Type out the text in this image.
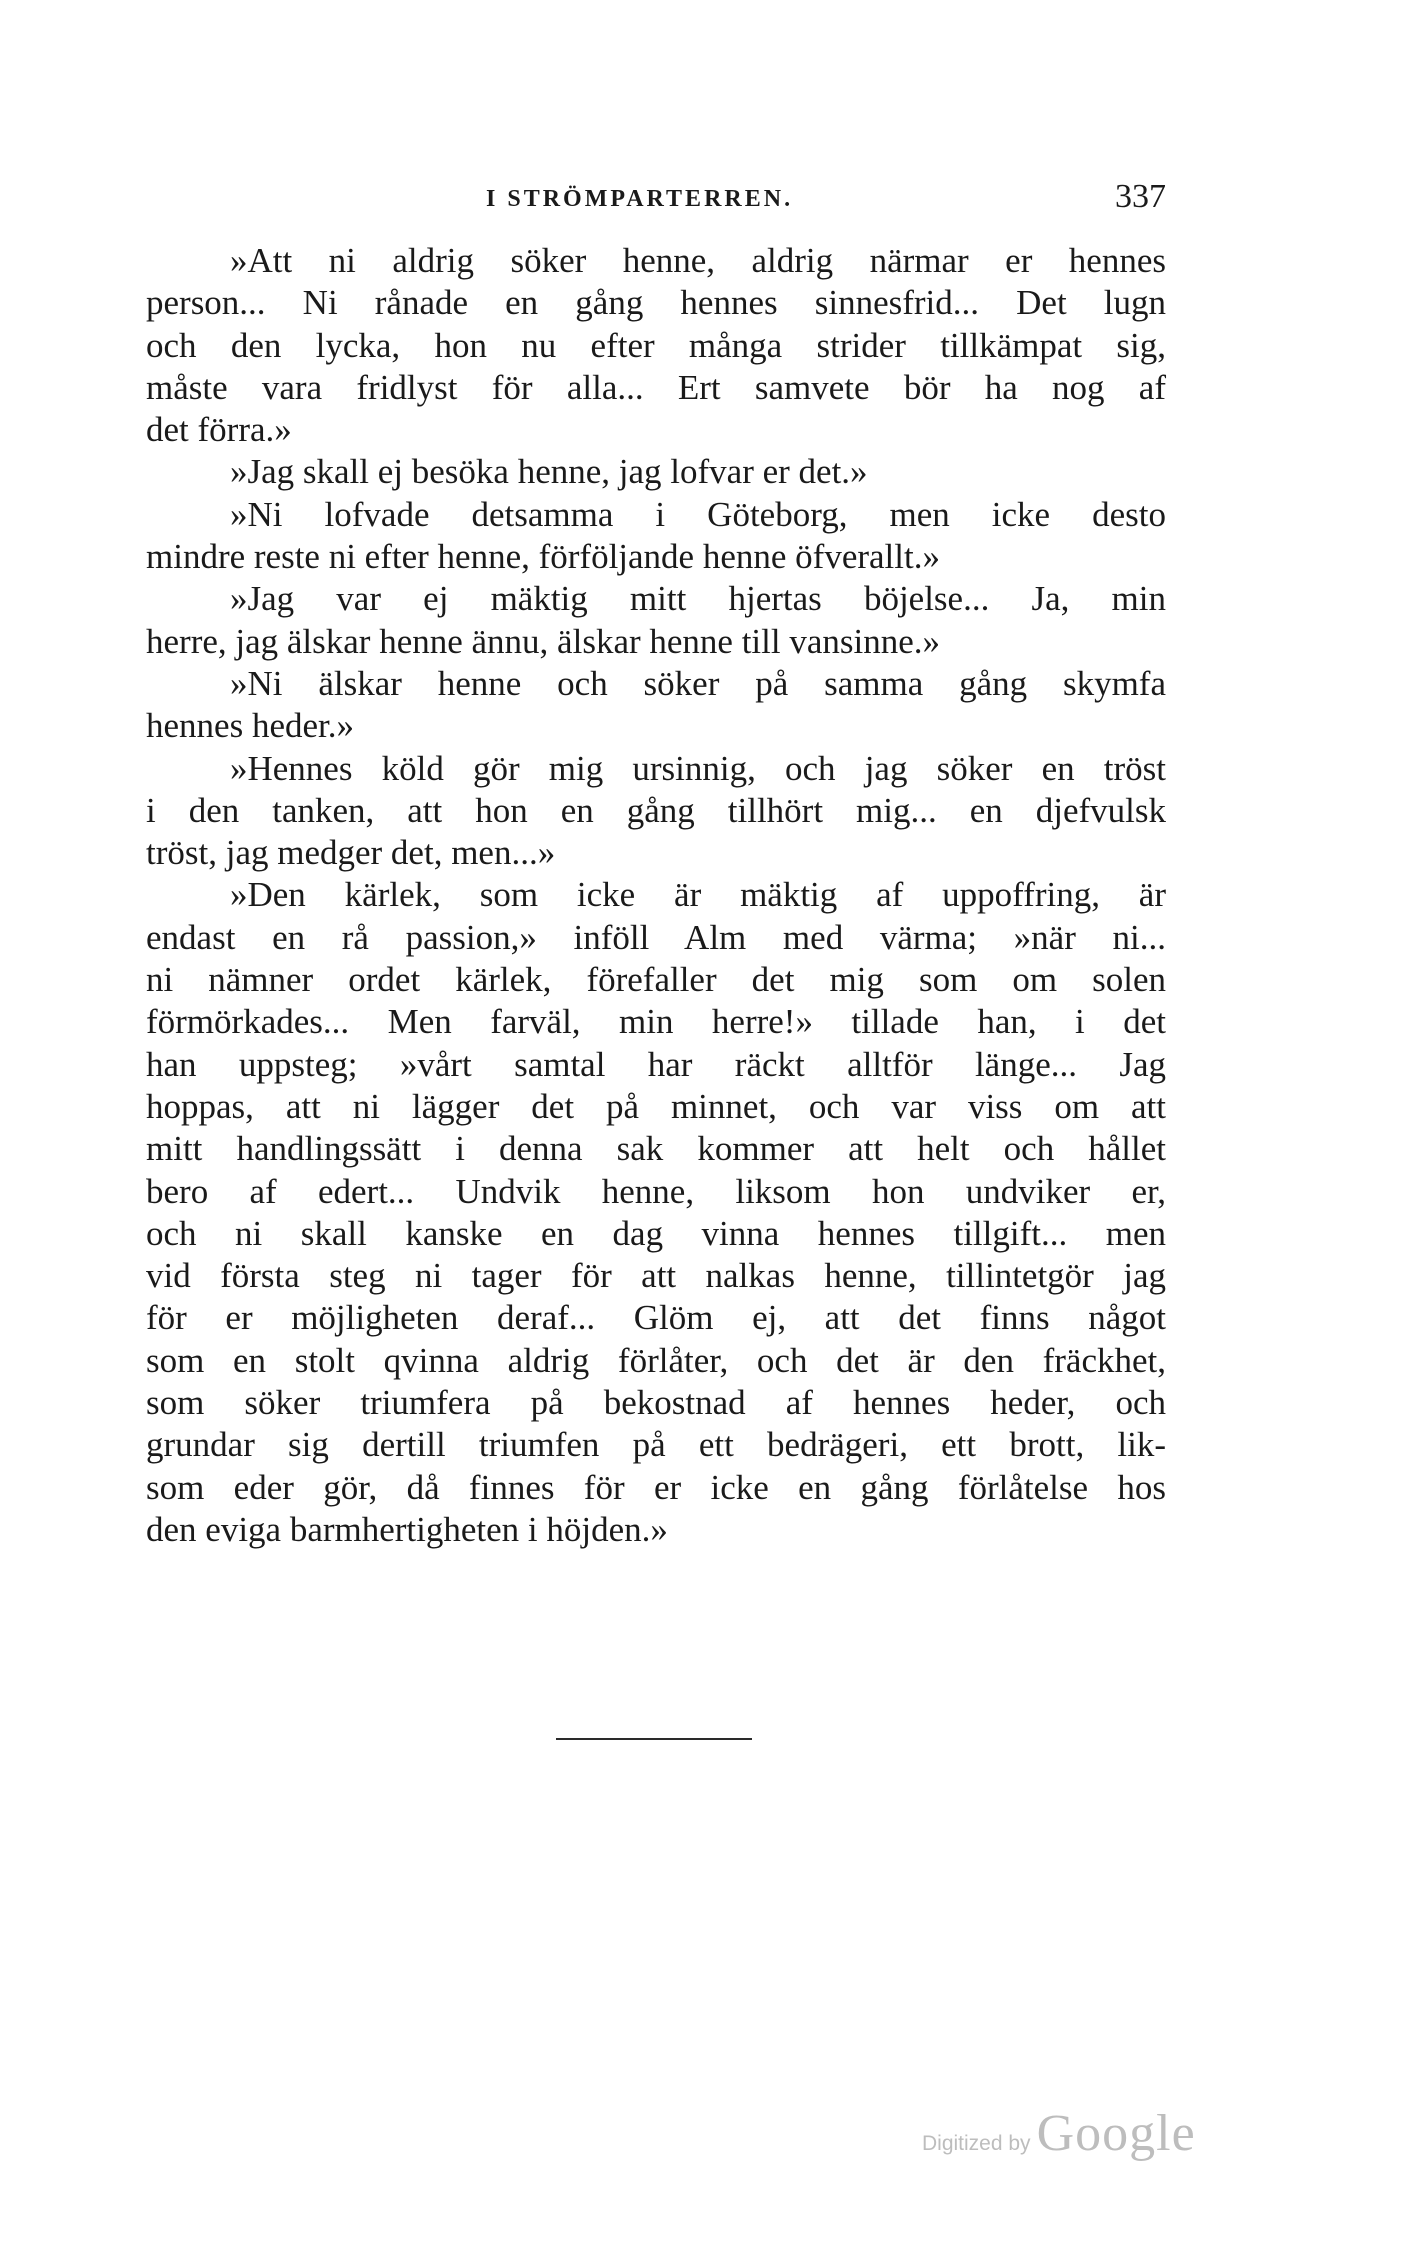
I STRÖMPARTERREN.	337
»Att ni aldrig söker henne, aldrig närmar er hennes
person... Ni rånade en gång hennes sinnesfrid... Det lugn
och den lycka, hon nu efter många strider tillkämpat sig,
måste vara fridlyst för alla... Ert samvete bör ha nog af
det förra.»
»Jag skall ej besöka henne, jag lofvar er det.»
»Ni lofvade detsamma i Göteborg, men icke desto
mindre reste ni efter henne, förföljande henne öfverallt.»
»Jag var ej mäktig mitt hjertas böjelse... Ja, min
herre, jag älskar henne ännu, älskar henne till vansinne.»
»Ni älskar henne och söker på samma gång skymfa
hennes heder.»
»Hennes köld gör mig ursinnig, och jag söker en tröst
i den tanken, att hon en gång tillhört mig... en djefvulsk
tröst, jag medger det, men...»
»Den kärlek, som icke är mäktig af uppoffring, är
endast en rå passion,» inföll Alm med värma; »när ni...
ni nämner ordet kärlek, förefaller det mig som om solen
förmörkades... Men farväl, min herre!» tillade han, i det
han uppsteg; »vårt samtal har räckt alltför länge... Jag
hoppas, att ni lägger det på minnet, och var viss om att
mitt handlingssätt i denna sak kommer att helt och hållet
bero af edert... Undvik henne, liksom hon undviker er,
och ni skall kanske en dag vinna hennes tillgift... men
vid första steg ni tager för att nalkas henne, tillintetgör jag
för er möjligheten deraf... Glöm ej, att det finns något
som en stolt qvinna aldrig förlåter, och det är den fräckhet,
som söker triumfera på bekostnad af hennes heder, och
grundar sig dertill triumfen på ett bedrägeri, ett brott, lik-
som eder gör, då finnes för er icke en gång förlåtelse hos
den eviga barmhertigheten i höjden.»
Digitized by Google
